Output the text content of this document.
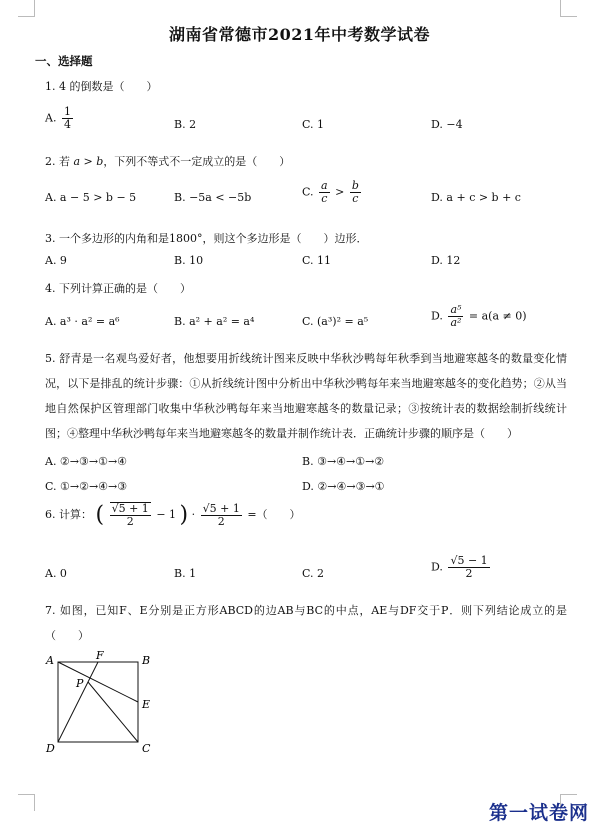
湖南省常德市2021年中考数学试卷
一、选择题
1. 4 的倒数是（　　）
A. $\frac{1}{4}$	B. 2	C. 1	D. −4
2. 若 a > b，下列不等式不一定成立的是（　　）
A. a − 5 > b − 5	B. −5a < −5b	C. $\frac{a}{c} > \frac{b}{c}$	D. a + c > b + c
3. 一个多边形的内角和是1800°，则这个多边形是（　　）边形．
A. 9	B. 10	C. 11	D. 12
4. 下列计算正确的是（　　）
A. a³ · a² = a⁶	B. a² + a² = a⁴	C. (a³)² = a⁵	D. $\frac{\text{a⁵}}{\text{a²}} = a(a \ne 0)$
5. 舒青是一名观鸟爱好者，他想要用折线统计图来反映中华秋沙鸭每年秋季到当地避寒越冬的数量变化情况，以下是排乱的统计步骤：①从折线统计图中分析出中华秋沙鸭每年来当地避寒越冬的变化趋势；②从当地自然保护区管理部门收集中华秋沙鸭每年来当地避寒越冬的数量记录；③按统计表的数据绘制折线统计图；④整理中华秋沙鸭每年来当地避寒越冬的数量并制作统计表．正确统计步骤的顺序是（　　）
A. ②→③→①→④	B. ③→④→①→②
C. ①→②→④→③	D. ②→④→③→①
6. 计算： ( $\frac{√5 + 1}{2} - 1$ ) · $\frac{√5 + 1}{2}$ =（　　）
A. 0	B. 1	C. 2	D. $\frac{√5 - 1}{2}$
7. 如图，已知F、E分别是正方形ABCD的边AB与BC的中点，AE与DF交于P．则下列结论成立的是（　　）
A	B
C
D
E
F
P
第一试卷网
